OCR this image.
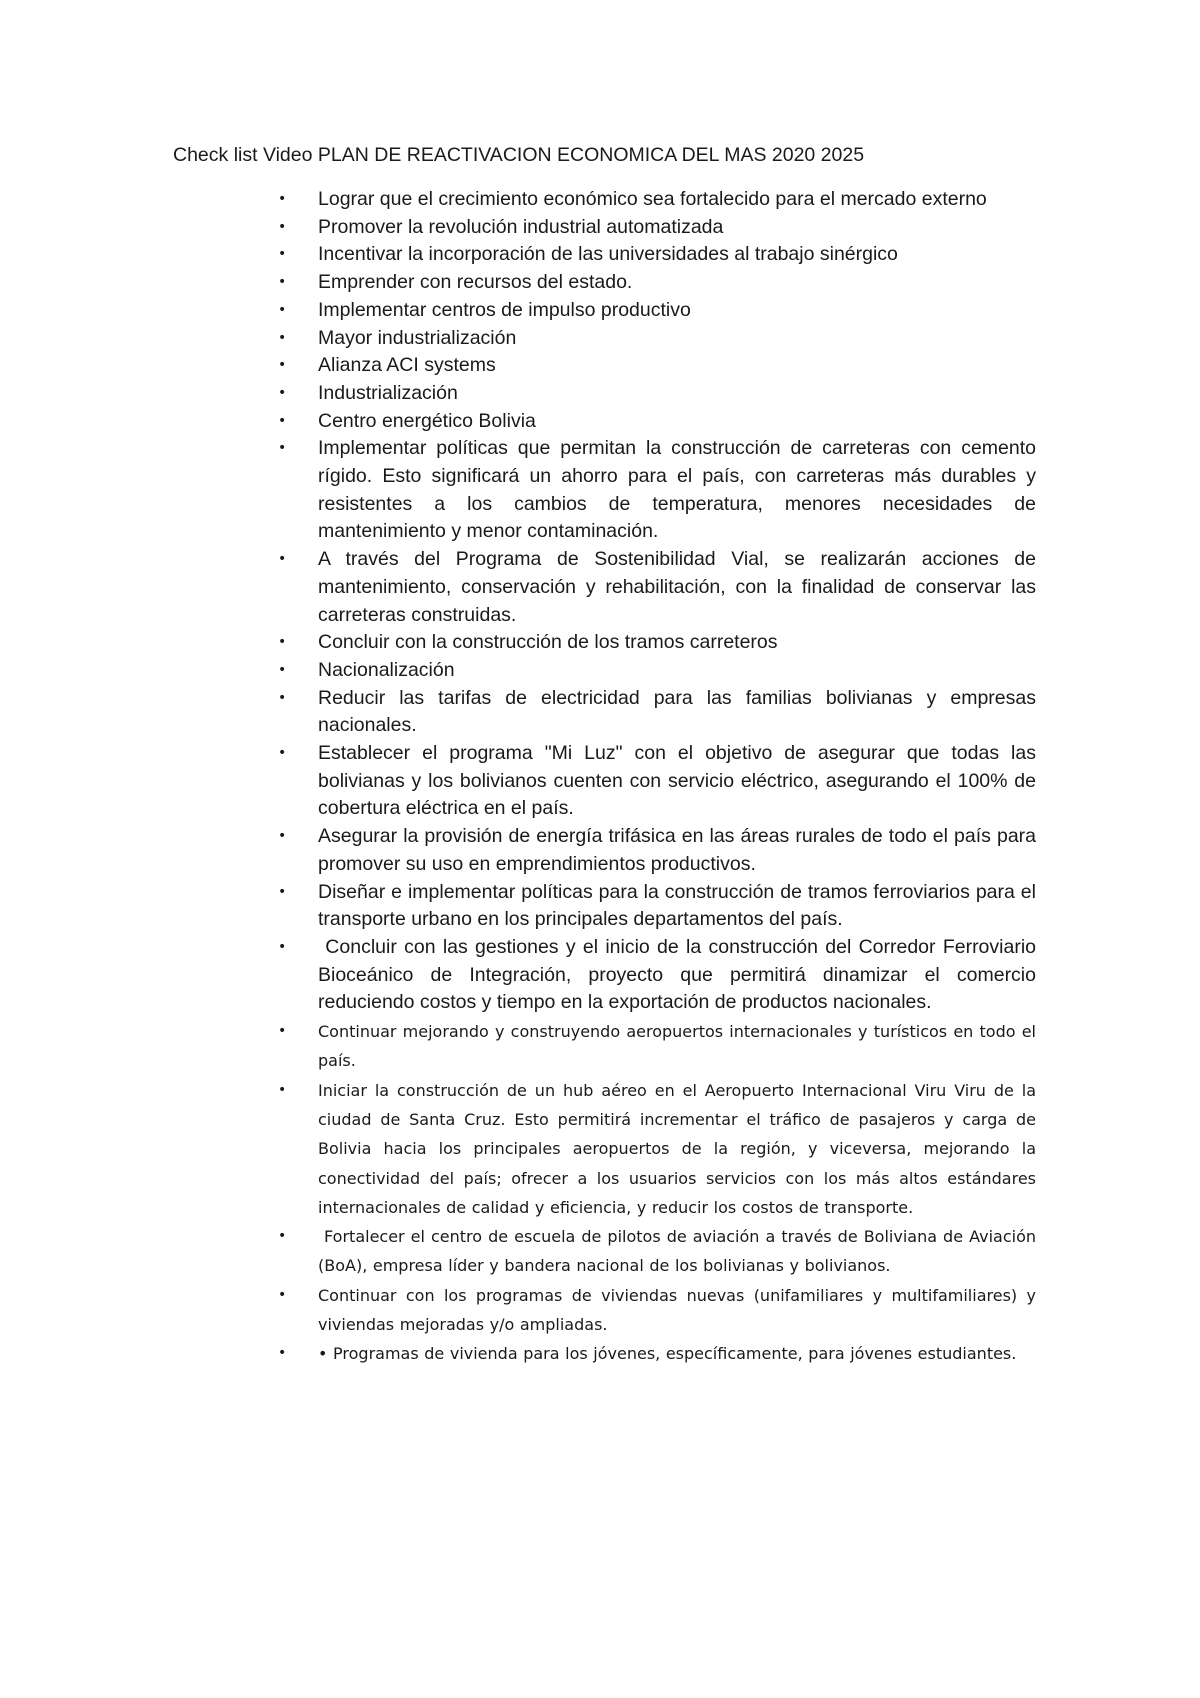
Check list Video PLAN DE REACTIVACION ECONOMICA DEL MAS 2020 2025
• Lograr que el crecimiento económico sea fortalecido para el mercado externo
• Promover la revolución industrial automatizada
• Incentivar la incorporación de las universidades al trabajo sinérgico
• Emprender con recursos del estado.
• Implementar centros de impulso productivo
• Mayor industrialización
• Alianza ACI systems
• Industrialización
• Centro energético Bolivia
• Implementar políticas que permitan la construcción de carreteras con cemento rígido. Esto significará un ahorro para el país, con carreteras más durables y resistentes a los cambios de temperatura, menores necesidades de mantenimiento y menor contaminación.
• A través del Programa de Sostenibilidad Vial, se realizarán acciones de mantenimiento, conservación y rehabilitación, con la finalidad de conservar las carreteras construidas.
• Concluir con la construcción de los tramos carreteros
• Nacionalización
• Reducir las tarifas de electricidad para las familias bolivianas y empresas nacionales.
• Establecer el programa "Mi Luz" con el objetivo de asegurar que todas las bolivianas y los bolivianos cuenten con servicio eléctrico, asegurando el 100% de cobertura eléctrica en el país.
• Asegurar la provisión de energía trifásica en las áreas rurales de todo el país para promover su uso en emprendimientos productivos.
• Diseñar e implementar políticas para la construcción de tramos ferroviarios para el transporte urbano en los principales departamentos del país.
• Concluir con las gestiones y el inicio de la construcción del Corredor Ferroviario Bioceánico de Integración, proyecto que permitirá dinamizar el comercio reduciendo costos y tiempo en la exportación de productos nacionales.
• Continuar mejorando y construyendo aeropuertos internacionales y turísticos en todo el país.
• Iniciar la construcción de un hub aéreo en el Aeropuerto Internacional Viru Viru de la ciudad de Santa Cruz. Esto permitirá incrementar el tráfico de pasajeros y carga de Bolivia hacia los principales aeropuertos de la región, y viceversa, mejorando la conectividad del país; ofrecer a los usuarios servicios con los más altos estándares internacionales de calidad y eficiencia, y reducir los costos de transporte.
• Fortalecer el centro de escuela de pilotos de aviación a través de Boliviana de Aviación (BoA), empresa líder y bandera nacional de los bolivianas y bolivianos.
• Continuar con los programas de viviendas nuevas (unifamiliares y multifamiliares) y viviendas mejoradas y/o ampliadas.
• • Programas de vivienda para los jóvenes, específicamente, para jóvenes estudiantes.
